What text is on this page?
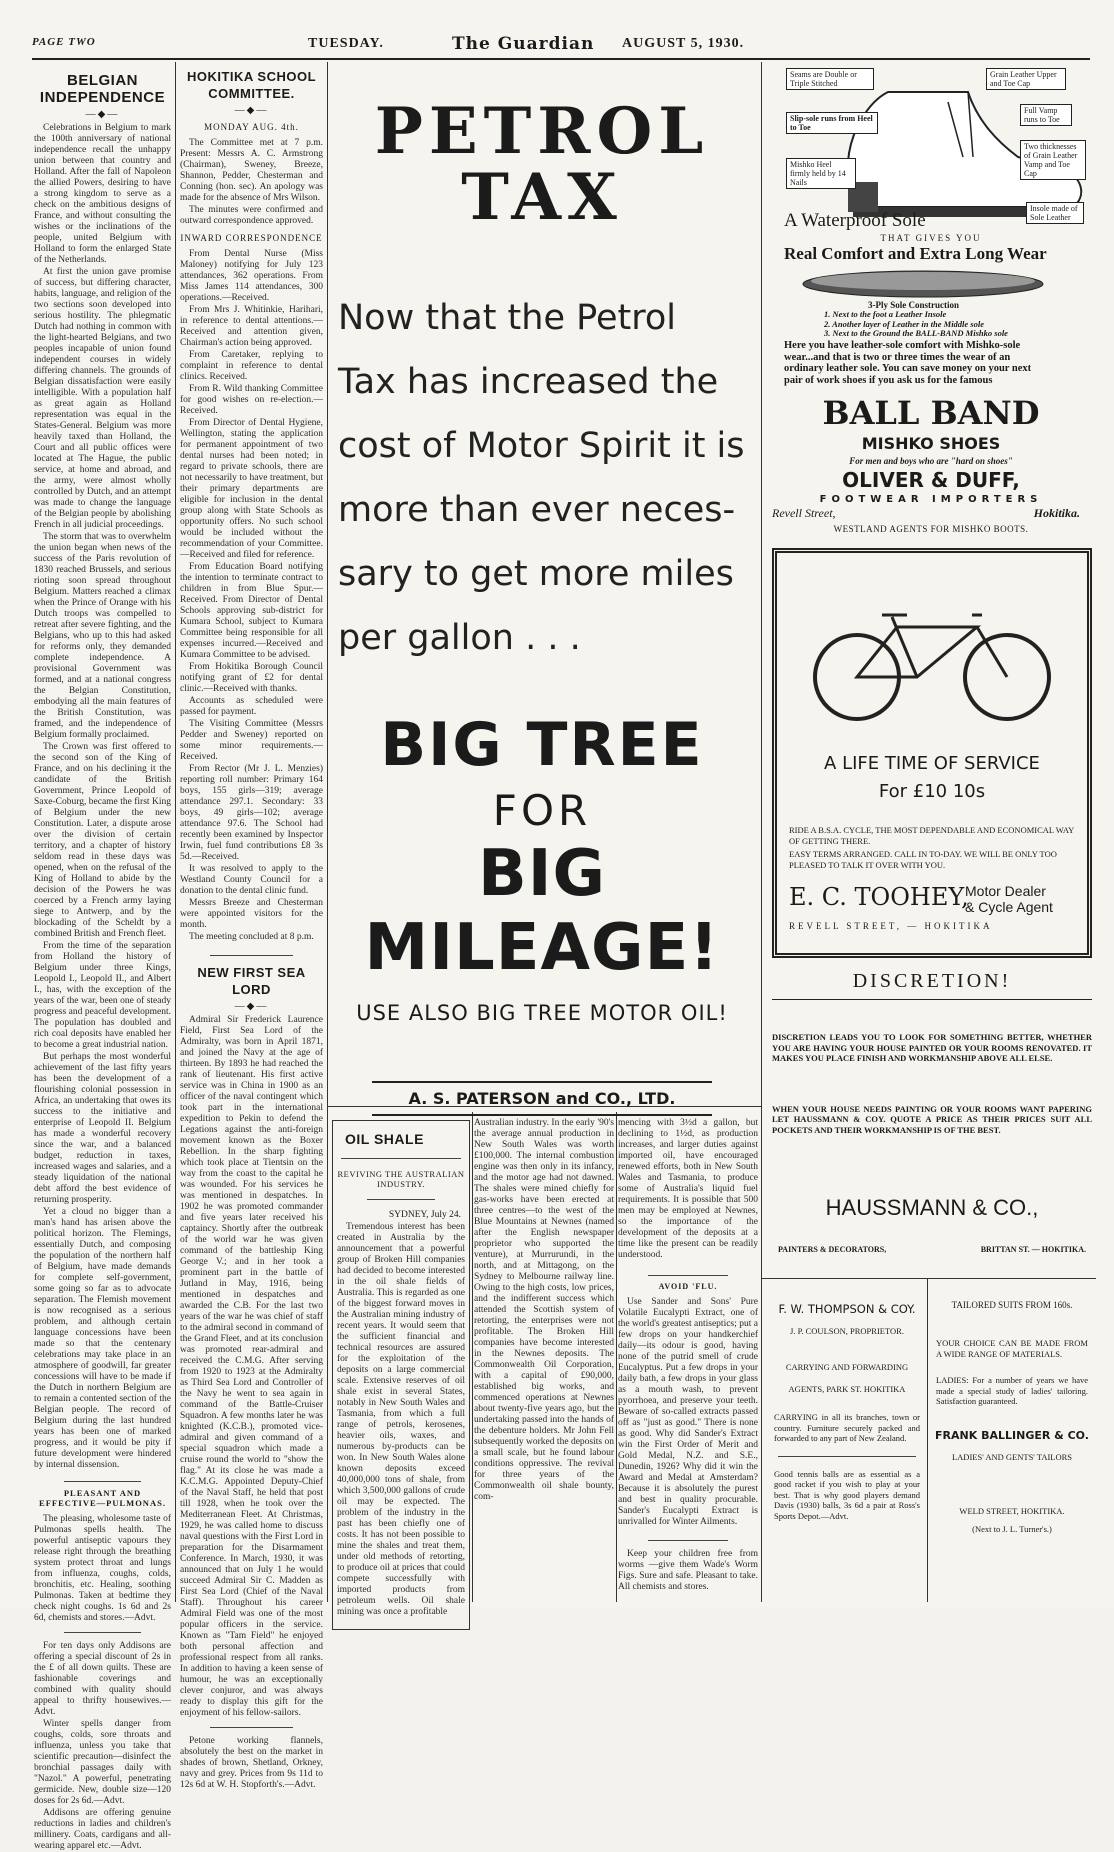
PAGE TWO	TUESDAY.	The Guardian AUGUST 5, 1930.
BELGIAN INDEPENDENCE
—◆—

Celebrations in Belgium to mark the 100th anniversary of national independence recall the unhappy union between that country and Holland. After the fall of Napoleon the allied Powers, desiring to have a strong kingdom to serve as a check on the ambitious designs of France, and without consulting the wishes or the inclinations of the people, united Belgium with Holland to form the enlarged State of the Netherlands.

At first the union gave promise of success, but differing character, habits, language, and religion of the two sections soon developed into serious hostility. The phlegmatic Dutch had nothing in common with the light-hearted Belgians, and two peoples incapable of union found independent courses in widely differing channels. The grounds of Belgian dissatisfaction were easily intelligible. With a population half as great again as Holland representation was equal in the States-General. Belgium was more heavily taxed than Holland, the Court and all public offices were located at The Hague, the public service, at home and abroad, and the army, were almost wholly controlled by Dutch, and an attempt was made to change the language of the Belgian people by abolishing French in all judicial proceedings.

The storm that was to overwhelm the union began when news of the success of the Paris revolution of 1830 reached Brussels, and serious rioting soon spread throughout Belgium. Matters reached a climax when the Prince of Orange with his Dutch troops was compelled to retreat after severe fighting, and the Belgians, who up to this had asked for reforms only, they demanded complete independence. A provisional Government was formed, and at a national congress the Belgian Constitution, embodying all the main features of the British Constitution, was framed, and the independence of Belgium formally proclaimed.

The Crown was first offered to the second son of the King of France, and on his declining it the candidate of the British Government, Prince Leopold of Saxe-Coburg, became the first King of Belgium under the new Constitution. Later, a dispute arose over the division of certain territory, and a chapter of history seldom read in these days was opened, when on the refusal of the King of Holland to abide by the decision of the Powers he was coerced by a French army laying siege to Antwerp, and by the blockading of the Scheldt by a combined British and French fleet.

From the time of the separation from Holland the history of Belgium under three Kings, Leopold I., Leopold II., and Albert I., has, with the exception of the years of the war, been one of steady progress and peaceful development. The population has doubled and rich coal deposits have enabled her to become a great industrial nation.

But perhaps the most wonderful achievement of the last fifty years has been the development of a flourishing colonial possession in Africa, an undertaking that owes its success to the initiative and enterprise of Leopold II. Belgium has made a wonderful recovery since the war, and a balanced budget, reduction in taxes, increased wages and salaries, and a steady liquidation of the national debt afford the best evidence of returning prosperity.

Yet a cloud no bigger than a man's hand has arisen above the political horizon. The Flemings, essentially Dutch, and composing the population of the northern half of Belgium, have made demands for complete self-government, some going so far as to advocate separation. The Flemish movement is now recognised as a serious problem, and although certain language concessions have been made so that the centenary celebrations may take place in an atmosphere of goodwill, far greater concessions will have to be made if the Dutch in northern Belgium are to remain a contented section of the Belgian people. The record of Belgium during the last hundred years has been one of marked progress, and it would be pity if future development were hindered by internal dissension.

PLEASANT AND EFFECTIVE—PULMONAS.

The pleasing, wholesome taste of Pulmonas spells health. The powerful antiseptic vapours they release right through the breathing system protect throat and lungs from influenza, coughs, colds, bronchitis, etc. Healing, soothing Pulmonas. Taken at bedtime they check night coughs. 1s 6d and 2s 6d, chemists and stores.—Advt.

For ten days only Addisons are offering a special discount of 2s in the £ of all down quilts. These are fashionable coverings and combined with quality should appeal to thrifty housewives.—Advt.

Winter spells danger from coughs, colds, sore throats and influenza, unless you take that scientific precaution—disinfect the bronchial passages daily with "Nazol." A powerful, penetrating germicide. New, double size—120 doses for 2s 6d.—Advt.

Addisons are offering genuine reductions in ladies and children's millinery. Coats, cardigans and all-wearing apparel etc.—Advt.

HOKITIKA SCHOOL COMMITTEE.
—◆—
MONDAY AUG. 4th.

The Committee met at 7 p.m. Present: Messrs A. C. Armstrong (Chairman), Sweney, Breeze, Shannon, Pedder, Chesterman and Conning (hon. sec). An apology was made for the absence of Mrs Wilson.

The minutes were confirmed and outward correspondence approved.

INWARD CORRESPONDENCE

From Dental Nurse (Miss Maloney) notifying for July 123 attendances, 362 operations. From Miss James 114 attendances, 300 operations.—Received.

From Mrs J. Whitinkie, Harihari, in reference to dental attentions.—Received and attention given, Chairman's action being approved.

From Caretaker, replying to complaint in reference to dental clinics. Received.

From R. Wild thanking Committee for good wishes on re-election.—Received.

From Director of Dental Hygiene, Wellington, stating the application for permanent appointment of two dental nurses had been noted; in regard to private schools, there are not necessarily to have treatment, but their primary departments are eligible for inclusion in the dental group along with State Schools as opportunity offers. No such school would be included without the recommendation of your Committee.—Received and filed for reference.

From Education Board notifying the intention to terminate contract to children in from Blue Spur.—Received. From Director of Dental Schools approving sub-district for Kumara School, subject to Kumara Committee being responsible for all expenses incurred.—Received and Kumara Committee to be advised.

From Hokitika Borough Council notifying grant of £2 for dental clinic.—Received with thanks.

Accounts as scheduled were passed for payment.

The Visiting Committee (Messrs Pedder and Sweney) reported on some minor requirements.—Received.

From Rector (Mr J. L. Menzies) reporting roll number: Primary 164 boys, 155 girls—319; average attendance 297.1. Secondary: 33 boys, 49 girls—102; average attendance 97.6. The School had recently been examined by Inspector Irwin, fuel fund contributions £8 3s 5d.—Received.

It was resolved to apply to the Westland County Council for a donation to the dental clinic fund.

Messrs Breeze and Chesterman were appointed visitors for the month.

The meeting concluded at 8 p.m.

NEW FIRST SEA LORD
—◆—

Admiral Sir Frederick Laurence Field, First Sea Lord of the Admiralty, was born in April 1871, and joined the Navy at the age of thirteen. By 1893 he had reached the rank of lieutenant. His first active service was in China in 1900 as an officer of the naval contingent which took part in the international expedition to Pekin to defend the Legations against the anti-foreign movement known as the Boxer Rebellion. In the sharp fighting which took place at Tientsin on the way from the coast to the capital he was wounded. For his services he was mentioned in despatches. In 1902 he was promoted commander and five years later received his captaincy. Shortly after the outbreak of the world war he was given command of the battleship King George V.; and in her took a prominent part in the battle of Jutland in May, 1916, being mentioned in despatches and awarded the C.B. For the last two years of the war he was chief of staff to the admiral second in command of the Grand Fleet, and at its conclusion was promoted rear-admiral and received the C.M.G. After serving from 1920 to 1923 at the Admiralty as Third Sea Lord and Controller of the Navy he went to sea again in command of the Battle-Cruiser Squadron. A few months later he was knighted (K.C.B.), promoted vice-admiral and given command of a special squadron which made a cruise round the world to "show the flag." At its close he was made a K.C.M.G. Appointed Deputy-Chief of the Naval Staff, he held that post till 1928, when he took over the Mediterranean Fleet. At Christmas, 1929, he was called home to discuss naval questions with the First Lord in preparation for the Disarmament Conference. In March, 1930, it was announced that on July 1 he would succeed Admiral Sir C. Madden as First Sea Lord (Chief of the Naval Staff). Throughout his career Admiral Field was one of the most popular officers in the service. Known as "Tam Field" he enjoyed both personal affection and professional respect from all ranks. In addition to having a keen sense of humour, he was an exceptionally clever conjuror, and was always ready to display this gift for the enjoyment of his fellow-sailors.

Petone working flannels, absolutely the best on the market in shades of brown, Shetland, Orkney, navy and grey. Prices from 9s 11d to 12s 6d at W. H. Stopforth's.—Advt.

PETROL
TAX
Now that the Petrol
Tax has increased the
cost of Motor Spirit it is
more than ever neces-
sary to get more miles
per gallon . . .
BIG TREE
FOR
BIG MILEAGE!
USE ALSO BIG TREE MOTOR OIL!
A. S. PATERSON and CO., LTD.
OIL SHALE
REVIVING THE AUSTRALIAN INDUSTRY.
SYDNEY, July 24.

Tremendous interest has been created in Australia by the announcement that a powerful group of Broken Hill companies had decided to become interested in the oil shale fields of Australia. This is regarded as one of the biggest forward moves in the Australian mining industry of recent years. It would seem that the sufficient financial and technical resources are assured for the exploitation of the deposits on a large commercial scale. Extensive reserves of oil shale exist in several States, notably in New South Wales and Tasmania, from which a full range of petrols, kerosenes, heavier oils, waxes, and numerous by-products can be won. In New South Wales alone known deposits exceed 40,000,000 tons of shale, from which 3,500,000 gallons of crude oil may be expected. The problem of the industry in the past has been chiefly one of costs. It has not been possible to mine the shales and treat them, under old methods of retorting, to produce oil at prices that could compete successfully with imported products from petroleum wells. Oil shale mining was once a profitable

Australian industry. In the early '90's the average annual production in New South Wales was worth £100,000. The internal combustion engine was then only in its infancy, and the motor age had not dawned. The shales were mined chiefly for gas-works have been erected at three centres—to the west of the Blue Mountains at Newnes (named after the English newspaper proprietor who supported the venture), at Murrurundi, in the north, and at Mittagong, on the Sydney to Melbourne railway line. Owing to the high costs, low prices, and the indifferent success which attended the Scottish system of retorting, the enterprises were not profitable. The Broken Hill companies have become interested in the Newnes deposits. The Commonwealth Oil Corporation, with a capital of £90,000, established big works, and commenced operations at Newnes about twenty-five years ago, but the undertaking passed into the hands of the debenture holders. Mr John Fell subsequently worked the deposits on a small scale, but he found labour conditions oppressive. The revival for three years of the Commonwealth oil shale bounty, com-

mencing with 3½d a gallon, but declining to 1½d, as production increases, and larger duties against imported oil, have encouraged renewed efforts, both in New South Wales and Tasmania, to produce some of Australia's liquid fuel requirements. It is possible that 500 men may be employed at Newnes, so the importance of the development of the deposits at a time like the present can be readily understood.

AVOID 'FLU.

Use Sander and Sons' Pure Volatile Eucalypti Extract, one of the world's greatest antiseptics; put a few drops on your handkerchief daily—its odour is good, having none of the putrid smell of crude Eucalyptus. Put a few drops in your daily bath, a few drops in your glass as a mouth wash, to prevent pyorrhoea, and preserve your teeth. Beware of so-called extracts passed off as "just as good." There is none as good. Why did Sander's Extract win the First Order of Merit and Gold Medal, N.Z. and S.E., Dunedin, 1926? Why did it win the Award and Medal at Amsterdam? Because it is absolutely the purest and best in quality procurable. Sander's Eucalypti Extract is unrivalled for Winter Ailments.

Keep your children free from worms —give them Wade's Worm Figs. Sure and safe. Pleasant to take. All chemists and stores.

Seams are Double or Triple Stitched
Grain Leather Upper and Toe Cap
Slip-sole runs from Heel to Toe
Full Vamp runs to Toe
Two thicknesses of Grain Leather Vamp and Toe Cap
Mishko Heel firmly held by 14 Nails
Insole made of Sole Leather
A Waterproof Sole
THAT GIVES YOU
Real Comfort and Extra Long Wear
3-Ply Sole Construction
1. Next to the foot a Leather Insole
2. Another layer of Leather in the Middle sole
3. Next to the Ground the BALL-BAND Mishko sole
Here you have leather-sole comfort with Mishko-sole wear...and that is two or three times the wear of an ordinary leather sole. You can save money on your next pair of work shoes if you ask us for the famous
BALL BAND
MISHKO SHOES
For men and boys who are "hard on shoes"
OLIVER & DUFF,
FOOTWEAR IMPORTERS
Revell Street,	Hokitika.
WESTLAND AGENTS FOR MISHKO BOOTS.
A LIFE TIME OF SERVICE
For £10 10s
RIDE A B.S.A. CYCLE, THE MOST DEPENDABLE AND ECONOMICAL WAY OF GETTING THERE.
EASY TERMS ARRANGED. CALL IN TO-DAY. WE WILL BE ONLY TOO PLEASED TO TALK IT OVER WITH YOU.
E. C. TOOHEY,
Motor Dealer
& Cycle Agent
REVELL STREET, — HOKITIKA
DISCRETION!
DISCRETION LEADS YOU TO LOOK FOR SOMETHING BETTER, WHETHER YOU ARE HAVING YOUR HOUSE PAINTED OR YOUR ROOMS RENOVATED. IT MAKES YOU PLACE FINISH AND WORKMANSHIP ABOVE ALL ELSE.
WHEN YOUR HOUSE NEEDS PAINTING OR YOUR ROOMS WANT PAPERING LET HAUSSMANN & COY. QUOTE A PRICE AS THEIR PRICES SUIT ALL POCKETS AND THEIR WORKMANSHIP IS OF THE BEST.
HAUSSMANN & CO.,
PAINTERS & DECORATORS,	BRITTAN ST. — HOKITIKA.
F. W. THOMPSON & COY.
J. P. COULSON, PROPRIETOR.
CARRYING AND FORWARDING
AGENTS, PARK ST. HOKITIKA
CARRYING in all its branches, town or country. Furniture securely packed and forwarded to any part of New Zealand.
Good tennis balls are as essential as a good racket if you wish to play at your best. That is why good players demand Davis (1930) balls, 3s 6d a pair at Ross's Sports Depot.—Advt.
TAILORED SUITS FROM 160s.
YOUR CHOICE CAN BE MADE FROM A WIDE RANGE OF MATERIALS.
LADIES: For a number of years we have made a special study of ladies' tailoring. Satisfaction guaranteed.
FRANK BALLINGER & CO.
LADIES' AND GENTS' TAILORS
WELD STREET, HOKITIKA.
(Next to J. L. Turner's.)
